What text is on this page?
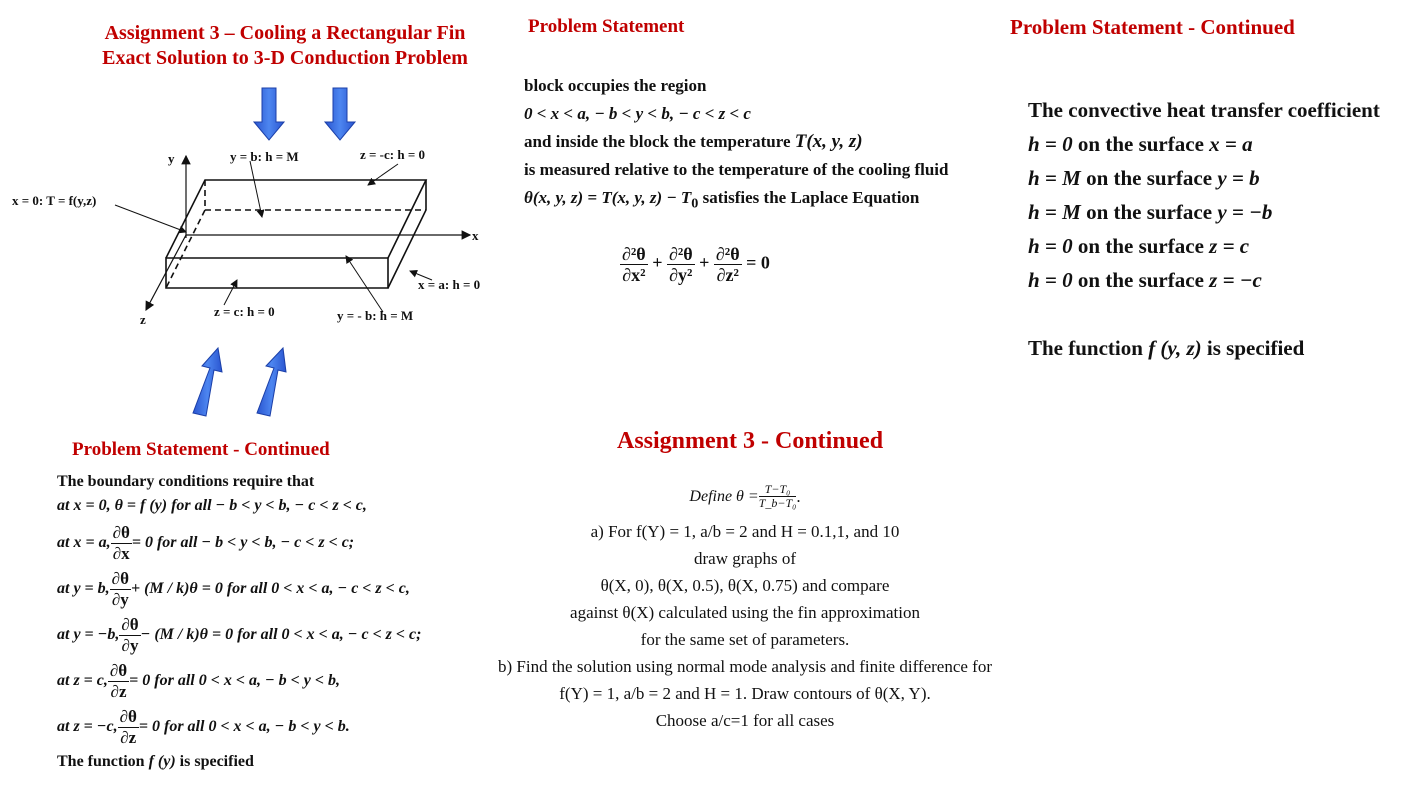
Assignment 3 – Cooling a Rectangular Fin
Exact Solution to 3-D Conduction Problem
y
x
z
y = b: h = M	z = -c: h = 0
x = 0: T = f(y,z)
x = a: h = 0
z = c: h = 0	y = - b: h = M
Problem Statement
block occupies the region
0 < x < a, − b < y < b, − c < z < c
and inside the block the temperature T(x, y, z)
is measured relative to the temperature of the cooling fluid
θ(x, y, z) = T(x, y, $z) - T_0$ satisfies the Laplace Equation
$\frac{\text{∂²θ}}{\text{∂x²}} + \frac{\text{∂²θ}}{\text{∂y²}} + \frac{\text{∂²θ}}{\text{∂z²}} = 0$
Problem Statement - Continued
The convective heat transfer coefficient
h = 0 on the surface x = a
h = M on the surface y = b
h = M on the surface y = −b
h = 0 on the surface z = c
h = 0 on the surface z = −c
The function f (y, z) is specified
Problem Statement - Continued
The boundary conditions require that
at x = 0, θ = f (y) for all − b < y < b, − c < z < c,
at x = a, $\frac{\partial\theta}{\partial x} = 0$ for all − b < y < b, − c < z < c;
at y = b, $\frac{\partial\theta}{\partial y} + (M / k)\theta = 0$ for all 0 < x < a, − c < z < c,
at y = −b, $\frac{\partial\theta}{\partial y} - (M / k)\theta = 0$ for all 0 < x < a, − c < z < c;
at z = c, $\frac{\partial\theta}{\partial z} = 0$ for all 0 < x < a, − b < y < b,
at z = −c, $\frac{\partial\theta}{\partial z} = 0$ for all 0 < x < a, − b < y < b.
The function f (y) is specified
Assignment 3 - Continued
Define $\theta = \frac{\text{T−T₀}}{\text{T\_b−T₀}}$ .
a) For f(Y) = 1, a/b = 2 and H = 0.1,1, and 10
draw graphs of
θ(X, 0), θ(X, 0.5), θ(X, 0.75) and compare
against θ(X) calculated using the fin approximation
for the same set of parameters.
b) Find the solution using normal mode analysis and finite difference for
f(Y) = 1, a/b = 2 and H = 1. Draw contours of θ(X, Y).
Choose a/c=1 for all cases
